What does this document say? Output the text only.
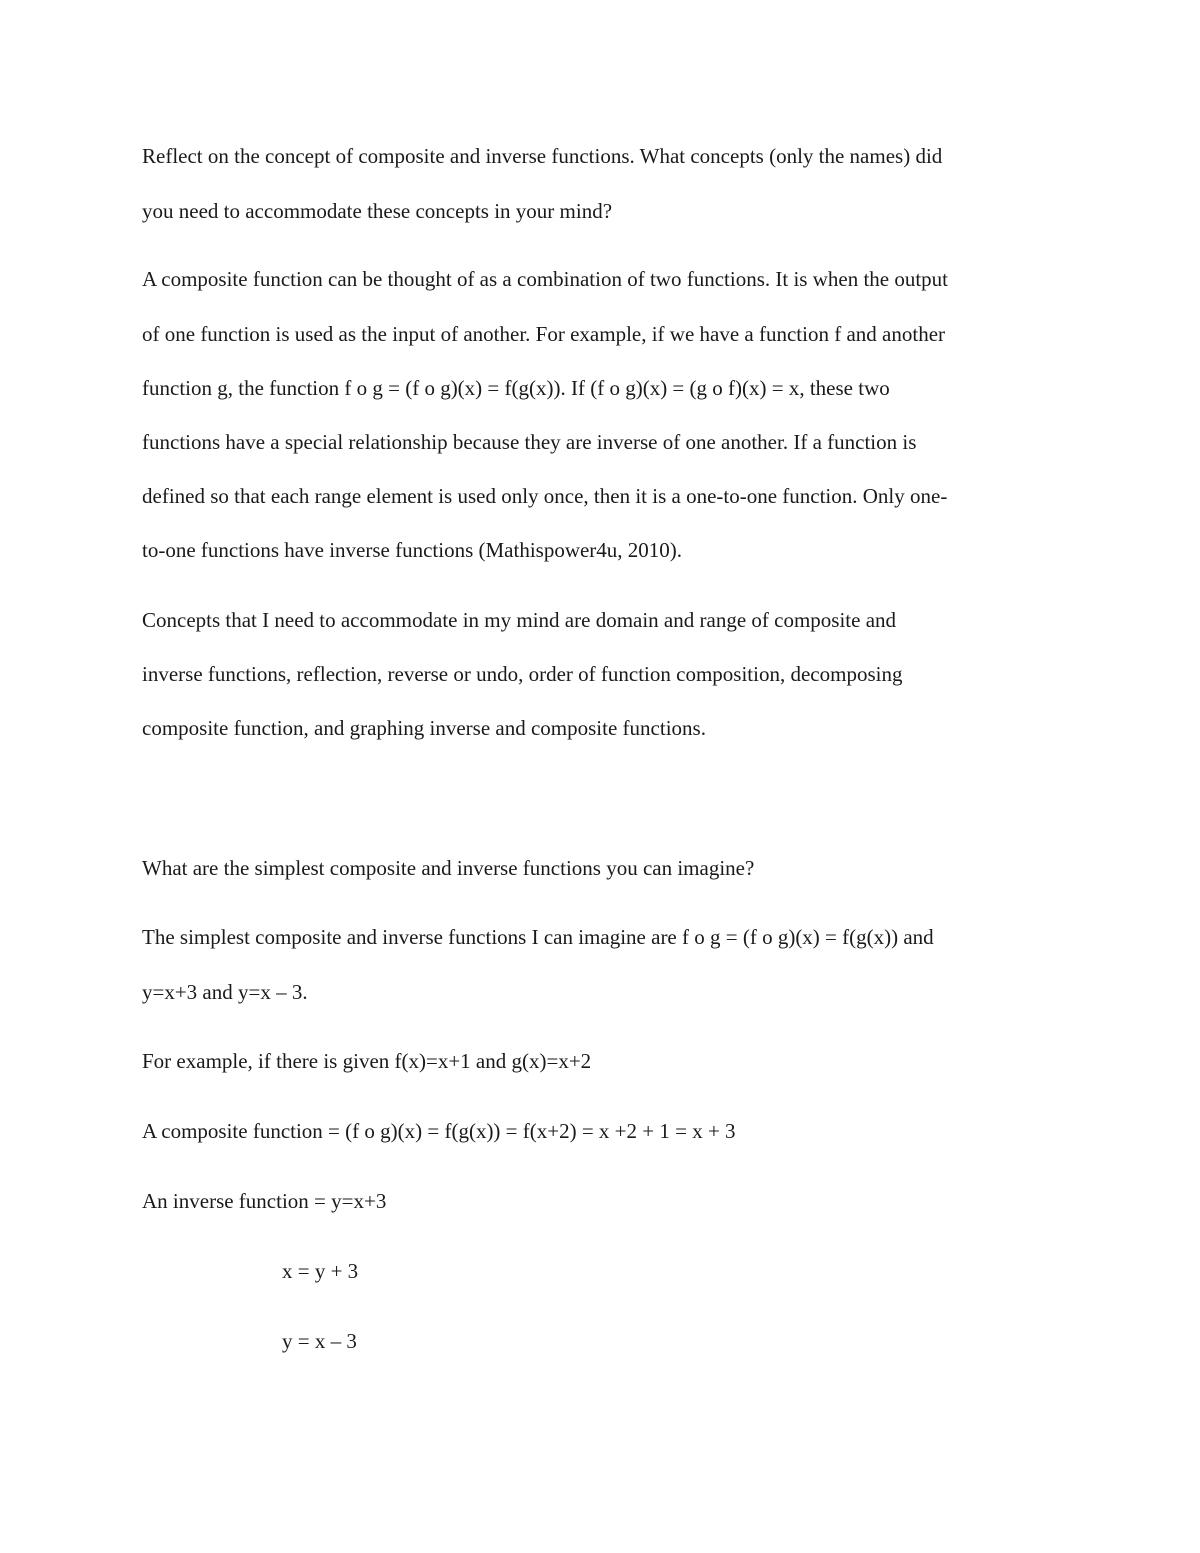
Reflect on the concept of composite and inverse functions. What concepts (only the names) did

you need to accommodate these concepts in your mind?

A composite function can be thought of as a combination of two functions. It is when the output

of one function is used as the input of another. For example, if we have a function f and another

function g, the function f o g = (f o g)(x) = f(g(x)). If (f o g)(x) = (g o f)(x) = x, these two

functions have a special relationship because they are inverse of one another. If a function is

defined so that each range element is used only once, then it is a one-to-one function. Only one-

to-one functions have inverse functions (Mathispower4u, 2010).

Concepts that I need to accommodate in my mind are domain and range of composite and

inverse functions, reflection, reverse or undo, order of function composition, decomposing

composite function, and graphing inverse and composite functions.

What are the simplest composite and inverse functions you can imagine?

The simplest composite and inverse functions I can imagine are f o g = (f o g)(x) = f(g(x)) and

y=x+3 and y=x – 3.

For example, if there is given f(x)=x+1 and g(x)=x+2

A composite function = (f o g)(x) = f(g(x)) = f(x+2) = x +2 + 1 = x + 3

An inverse function = y=x+3

x = y + 3

y = x – 3
